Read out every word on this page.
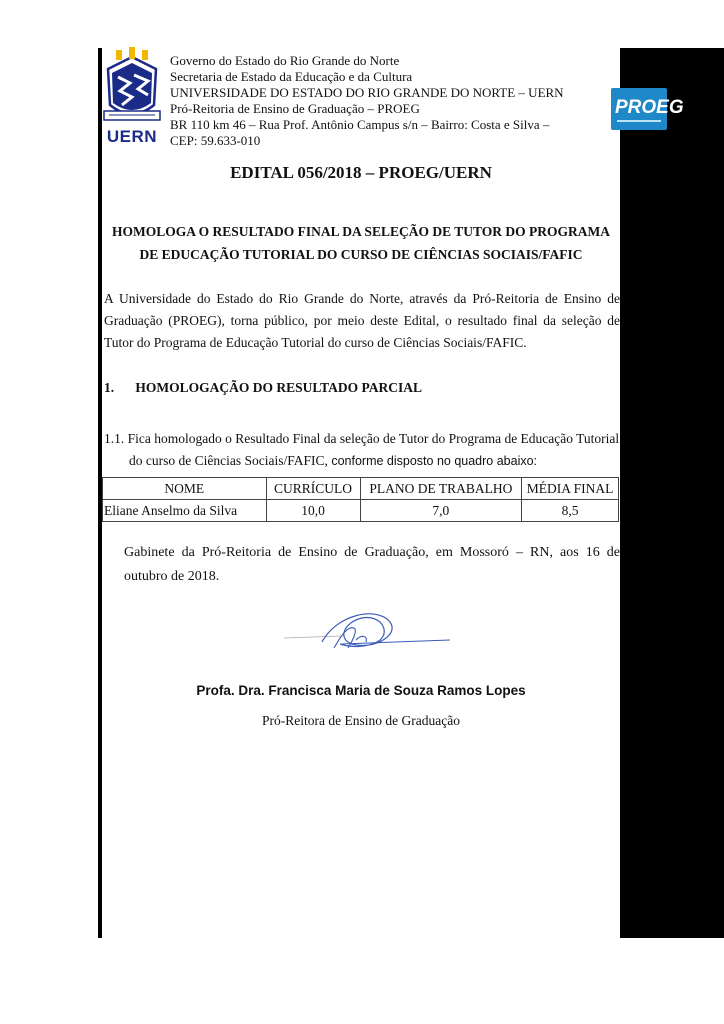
UERN
Governo do Estado do Rio Grande do Norte
Secretaria de Estado da Educação e da Cultura
UNIVERSIDADE DO ESTADO DO RIO GRANDE DO NORTE – UERN
Pró-Reitoria de Ensino de Graduação – PROEG
BR 110 km 46 – Rua Prof. Antônio Campus s/n – Bairro: Costa e Silva –
CEP: 59.633-010
PROEG
EDITAL 056/2018 – PROEG/UERN
HOMOLOGA O RESULTADO FINAL DA SELEÇÃO DE TUTOR DO PROGRAMA
DE EDUCAÇÃO TUTORIAL DO CURSO DE CIÊNCIAS SOCIAIS/FAFIC
A Universidade do Estado do Rio Grande do Norte, através da Pró-Reitoria de Ensino de Graduação (PROEG), torna público, por meio deste Edital, o resultado final da seleção de Tutor do Programa de Educação Tutorial do curso de Ciências Sociais/FAFIC.
1. HOMOLOGAÇÃO DO RESULTADO PARCIAL
1.1. Fica homologado o Resultado Final da seleção de Tutor do Programa de Educação Tutorial
do curso de Ciências Sociais/FAFIC, conforme disposto no quadro abaixo:
NOME	CURRÍCULO	PLANO DE TRABALHO	MÉDIA FINAL
Eliane Anselmo da Silva	10,0	7,0	8,5
Gabinete da Pró-Reitoria de Ensino de Graduação, em Mossoró – RN, aos 16 de outubro de 2018.
Profa. Dra. Francisca Maria de Souza Ramos Lopes
Pró-Reitora de Ensino de Graduação
